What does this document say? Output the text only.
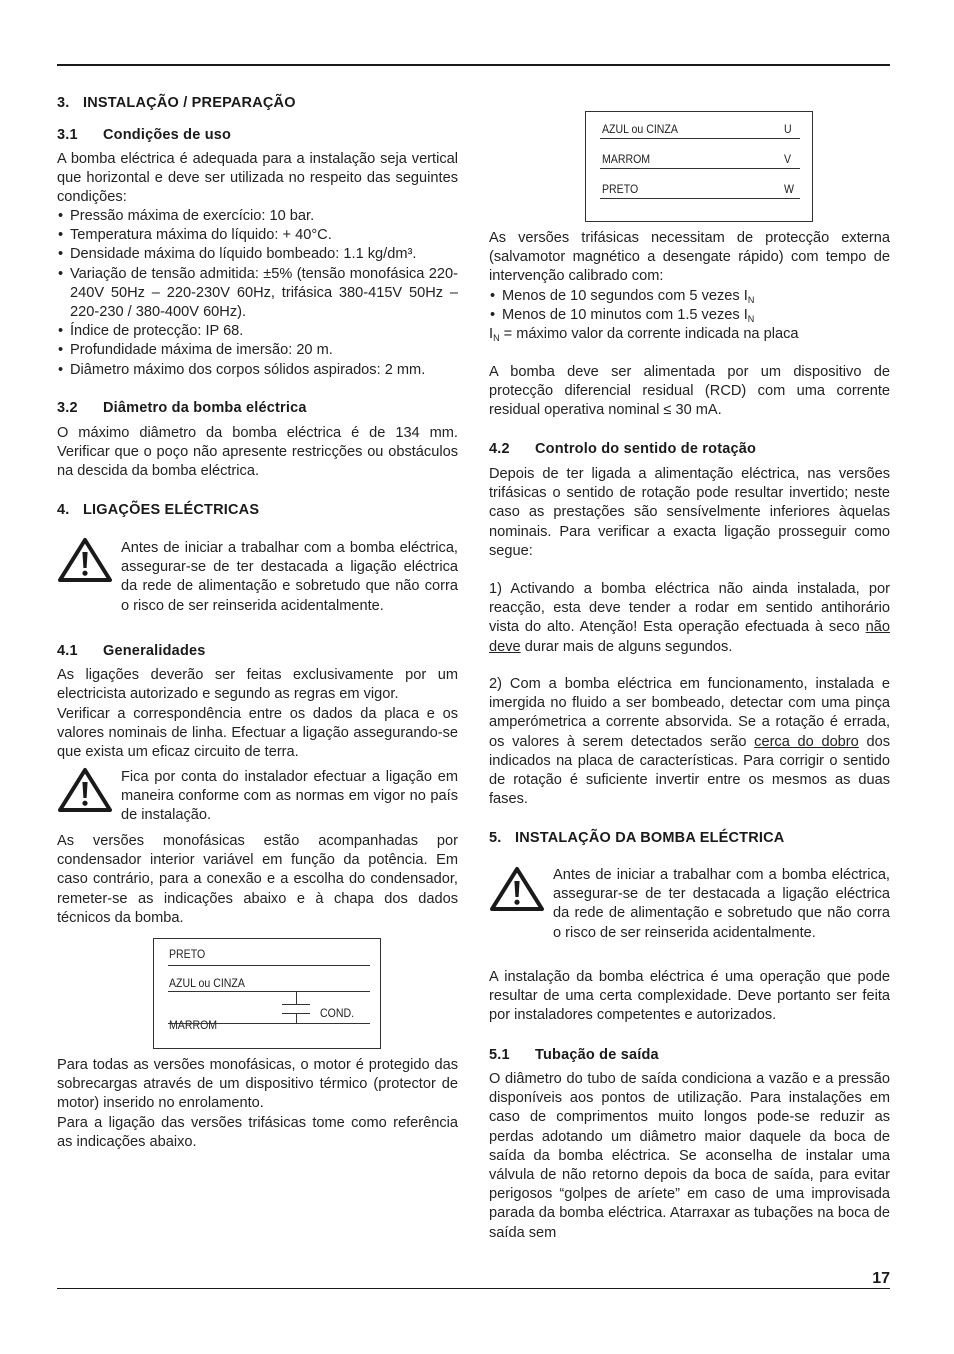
3. INSTALAÇÃO / PREPARAÇÃO
3.1 Condições de uso

A bomba eléctrica é adequada para a instalação seja vertical que horizontal e deve ser utilizada no respeito das seguintes condições:

• Pressão máxima de exercício: 10 bar.
• Temperatura máxima do líquido: + 40°C.
• Densidade máxima do líquido bombeado: 1.1 kg/dm³.
• Variação de tensão admitida: ±5% (tensão monofásica 220-240V 50Hz – 220-230V 60Hz, trifásica 380-415V 50Hz – 220-230 / 380-400V 60Hz).
• Índice de protecção: IP 68.
• Profundidade máxima de imersão: 20 m.
• Diâmetro máximo dos corpos sólidos aspirados: 2 mm.
3.2 Diâmetro da bomba eléctrica

O máximo diâmetro da bomba eléctrica é de 134 mm. Verificar que o poço não apresente restricções ou obstáculos na descida da bomba eléctrica.

4. LIGAÇÕES ELÉCTRICAS

Antes de iniciar a trabalhar com a bomba eléctrica, assegurar-se de ter destacada a ligação eléctrica da rede de alimentação e sobretudo que não corra o risco de ser reinserida acidentalmente.

4.1 Generalidades

As ligações deverão ser feitas exclusivamente por um electricista autorizado e segundo as regras em vigor.

Verificar a correspondência entre os dados da placa e os valores nominais de linha. Efectuar a ligação assegurando-se que exista um eficaz circuito de terra.

Fica por conta do instalador efectuar a ligação em maneira conforme com as normas em vigor no país de instalação.

As versões monofásicas estão acompanhadas por condensador interior variável em função da potência. Em caso contrário, para a conexão e a escolha do condensador, remeter-se as indicações abaixo e à chapa dos dados técnicos da bomba.

Para todas as versões monofásicas, o motor é protegido das sobrecargas através de um dispositivo térmico (protector de motor) inserido no enrolamento.

Para a ligação das versões trifásicas tome como referência as indicações abaixo.

PRETO
AZUL ou CINZA
COND.
MARROM
AZUL ou CINZA	U
MARROM	V
PRETO	W

As versões trifásicas necessitam de protecção externa (salvamotor magnético a desengate rápido) com tempo de intervenção calibrado com:

• Menos de 10 segundos com 5 vezes $I_N$
• Menos de 10 minutos com 1.5 vezes $I_N$

$I_N$ = máximo valor da corrente indicada na placa

A bomba deve ser alimentada por um dispositivo de protecção diferencial residual (RCD) com uma corrente residual operativa nominal ≤ 30 mA.

4.2 Controlo do sentido de rotação

Depois de ter ligada a alimentação eléctrica, nas versões trifásicas o sentido de rotação pode resultar invertido; neste caso as prestações são sensívelmente inferiores àquelas nominais. Para verificar a exacta ligação prosseguir como segue:

1) Activando a bomba eléctrica não ainda instalada, por reacção, esta deve tender a rodar em sentido antihorário vista do alto. Atenção! Esta operação efectuada à seco não deve durar mais de alguns segundos.

2) Com a bomba eléctrica em funcionamento, instalada e imergida no fluido a ser bombeado, detectar com uma pinça amperómetrica a corrente absorvida. Se a rotação é errada, os valores à serem detectados serão cerca do dobro dos indicados na placa de características. Para corrigir o sentido de rotação é suficiente invertir entre os mesmos as duas fases.

5. INSTALAÇÃO DA BOMBA ELÉCTRICA

Antes de iniciar a trabalhar com a bomba eléctrica, assegurar-se de ter destacada a ligação eléctrica da rede de alimentação e sobretudo que não corra o risco de ser reinserida acidentalmente.

A instalação da bomba eléctrica é uma operação que pode resultar de uma certa complexidade. Deve portanto ser feita por instaladores competentes e autorizados.

5.1 Tubação de saída

O diâmetro do tubo de saída condiciona a vazão e a pressão disponíveis aos pontos de utilização. Para instalações em caso de comprimentos muito longos pode-se reduzir as perdas adotando um diâmetro maior daquele da boca de saída da bomba eléctrica. Se aconselha de instalar uma válvula de não retorno depois da boca de saída, para evitar perigosos “golpes de aríete” em caso de uma improvisada parada da bomba eléctrica. Atarraxar as tubações na boca de saída sem

17
